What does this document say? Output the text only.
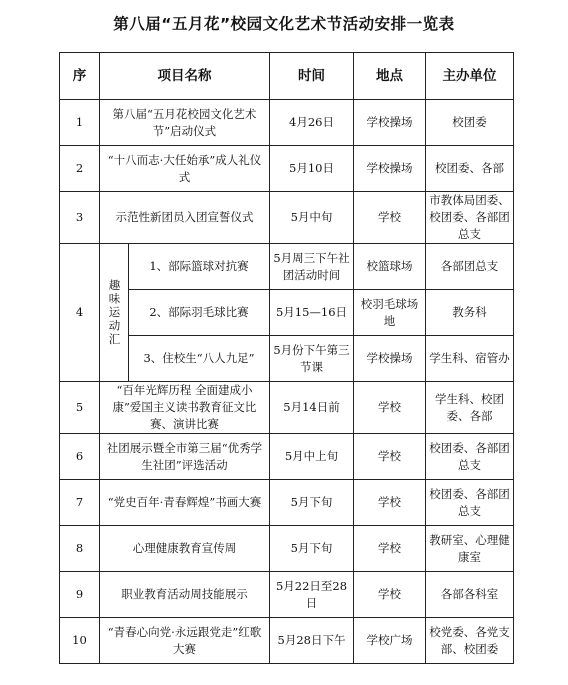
第八届“五月花”校园文化艺术节活动安排一览表
序	项目名称		时间	地点	主办单位
1	第八届“五月花校园文化艺术节”启动仪式		4月26日	学校操场	校团委
2	“十八而志·大任始承”成人礼仪式		5月10日	学校操场	校团委、各部
3	示范性新团员入团宣誓仪式		5月中旬	学校	市教体局团委、校团委、各部团总支
4	趣味运动汇	1、部际篮球对抗赛	5月周三下午社团活动时间	校篮球场	各部团总支
		2、部际羽毛球比赛	5月15—16日	校羽毛球场地	教务科
		3、住校生“八人九足”	5月份下午第三节课	学校操场	学生科、宿管办
5	“百年光辉历程 全面建成小康”爱国主义读书教育征文比赛、演讲比赛		5月14日前	学校	学生科、校团委、各部
6	社团展示暨全市第三届“优秀学生社团”评选活动		5月中上旬	学校	校团委、各部团总支
7	“党史百年·青春辉煌”书画大赛		5月下旬	学校	校团委、各部团总支
8	心理健康教育宣传周		5月下旬	学校	教研室、心理健康室
9	职业教育活动周技能展示		5月22日至28日	学校	各部各科室
10	“青春心向党·永远跟党走”红歌大赛		5月28日下午	学校广场	校党委、各党支部、校团委
